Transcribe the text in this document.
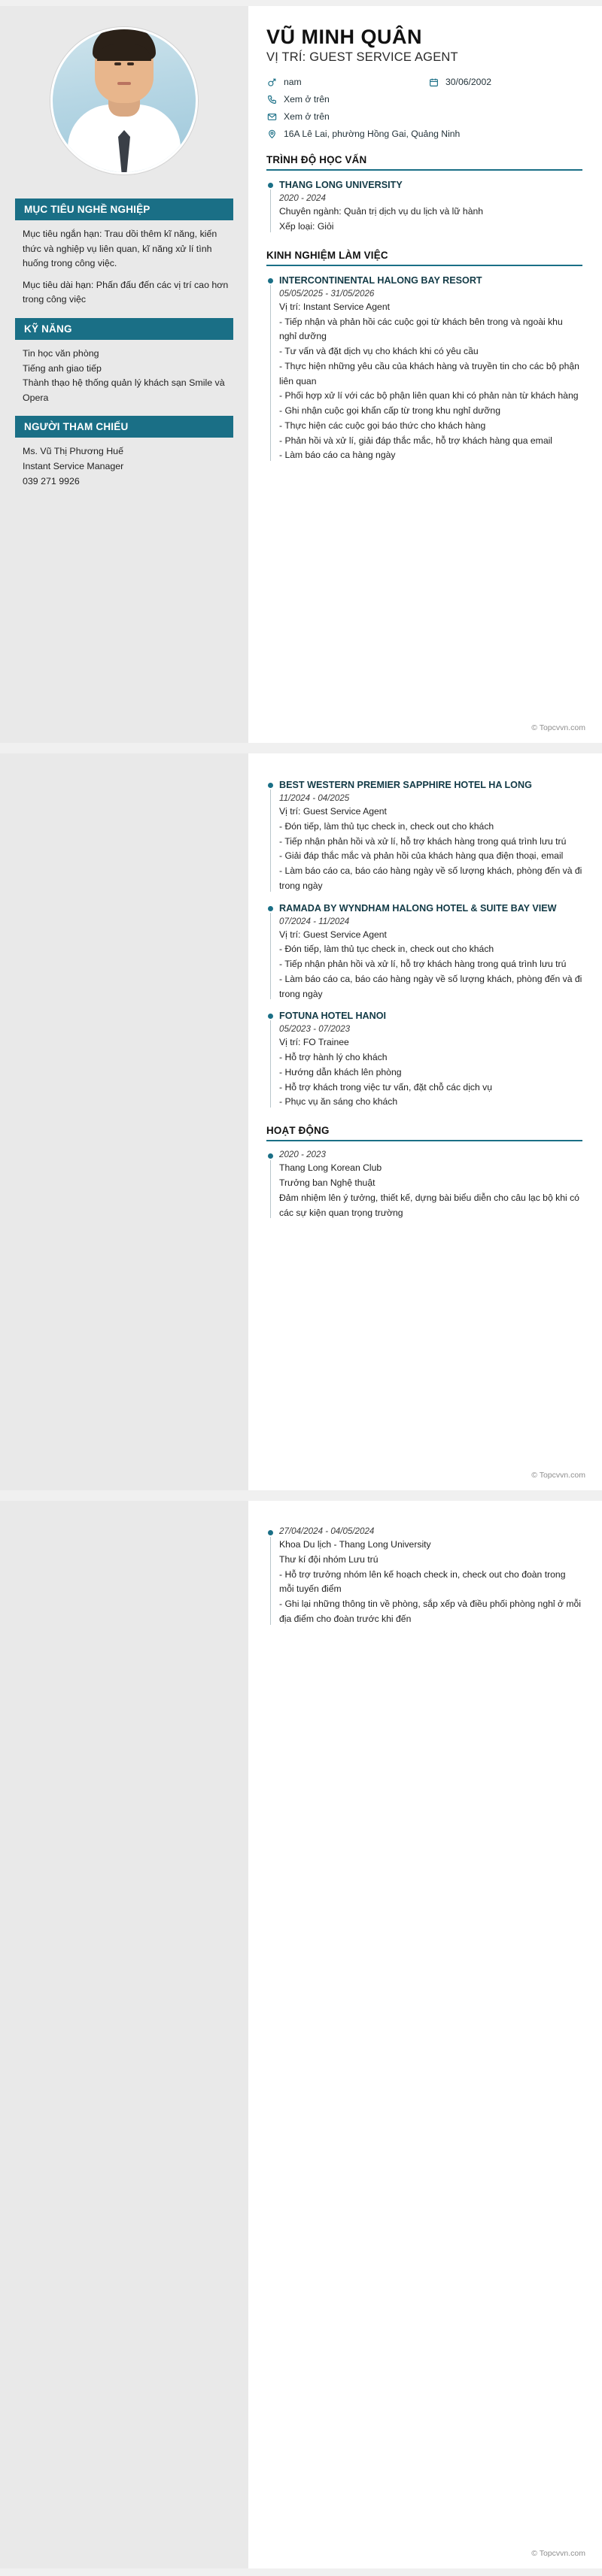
MỤC TIÊU NGHỀ NGHIỆP

Mục tiêu ngắn hạn: Trau dồi thêm kĩ năng, kiến thức và nghiệp vụ liên quan, kĩ năng xử lí tình huống trong công việc.

Mục tiêu dài hạn: Phấn đấu đến các vị trí cao hơn trong công việc

KỸ NĂNG
Tin học văn phòng
Tiếng anh giao tiếp
Thành thạo hệ thống quản lý khách sạn Smile và Opera
NGƯỜI THAM CHIẾU
Ms. Vũ Thị Phương Huế
Instant Service Manager
039 271 9926
VŨ MINH QUÂN
VỊ TRÍ: GUEST SERVICE AGENT
nam	30/06/2002
Xem ở trên
Xem ở trên
16A Lê Lai, phường Hồng Gai, Quảng Ninh
TRÌNH ĐỘ HỌC VẤN
THANG LONG UNIVERSITY
2020 - 2024
Chuyên ngành: Quản trị dịch vụ du lịch và lữ hành
Xếp loại: Giỏi
KINH NGHIỆM LÀM VIỆC
INTERCONTINENTAL HALONG BAY RESORT
05/05/2025 - 31/05/2026
Vị trí: Instant Service Agent
- Tiếp nhận và phản hồi các cuộc gọi từ khách bên trong và ngoài khu nghỉ dưỡng
- Tư vấn và đặt dịch vụ cho khách khi có yêu cầu
- Thực hiện những yêu cầu của khách hàng và truyền tin cho các bộ phận liên quan
- Phối hợp xử lí với các bộ phận liên quan khi có phản nàn từ khách hàng
- Ghi nhận cuộc gọi khẩn cấp từ trong khu nghỉ dưỡng
- Thực hiện các cuộc gọi báo thức cho khách hàng
- Phản hồi và xử lí, giải đáp thắc mắc, hỗ trợ khách hàng qua email
- Làm báo cáo ca hàng ngày
© Topcvvn.com
BEST WESTERN PREMIER SAPPHIRE HOTEL HA LONG
11/2024 - 04/2025
Vị trí: Guest Service Agent
- Đón tiếp, làm thủ tục check in, check out cho khách
- Tiếp nhận phản hồi và xử lí, hỗ trợ khách hàng trong quá trình lưu trú
- Giải đáp thắc mắc và phản hồi của khách hàng qua điện thoại, email
- Làm báo cáo ca, báo cáo hàng ngày về số lượng khách, phòng đến và đi trong ngày
RAMADA BY WYNDHAM HALONG HOTEL & SUITE BAY VIEW
07/2024 - 11/2024
Vị trí: Guest Service Agent
- Đón tiếp, làm thủ tục check in, check out cho khách
- Tiếp nhận phản hồi và xử lí, hỗ trợ khách hàng trong quá trình lưu trú
- Làm báo cáo ca, báo cáo hàng ngày về số lượng khách, phòng đến và đi trong ngày
FOTUNA HOTEL HANOI
05/2023 - 07/2023
Vị trí: FO Trainee
- Hỗ trợ hành lý cho khách
- Hướng dẫn khách lên phòng
- Hỗ trợ khách trong việc tư vấn, đặt chỗ các dịch vụ
- Phục vụ ăn sáng cho khách
HOẠT ĐỘNG
2020 - 2023
Thang Long Korean Club
Trưởng ban Nghệ thuật
Đảm nhiệm lên ý tưởng, thiết kế, dựng bài biểu diễn cho câu lạc bộ khi có các sự kiện quan trọng trường
© Topcvvn.com
27/04/2024 - 04/05/2024
Khoa Du lịch - Thang Long University
Thư kí đội nhóm Lưu trú
- Hỗ trợ trưởng nhóm lên kế hoạch check in, check out cho đoàn trong mỗi tuyến điểm
- Ghi lại những thông tin về phòng, sắp xếp và điều phối phòng nghỉ ở mỗi địa điểm cho đoàn trước khi đến
© Topcvvn.com
